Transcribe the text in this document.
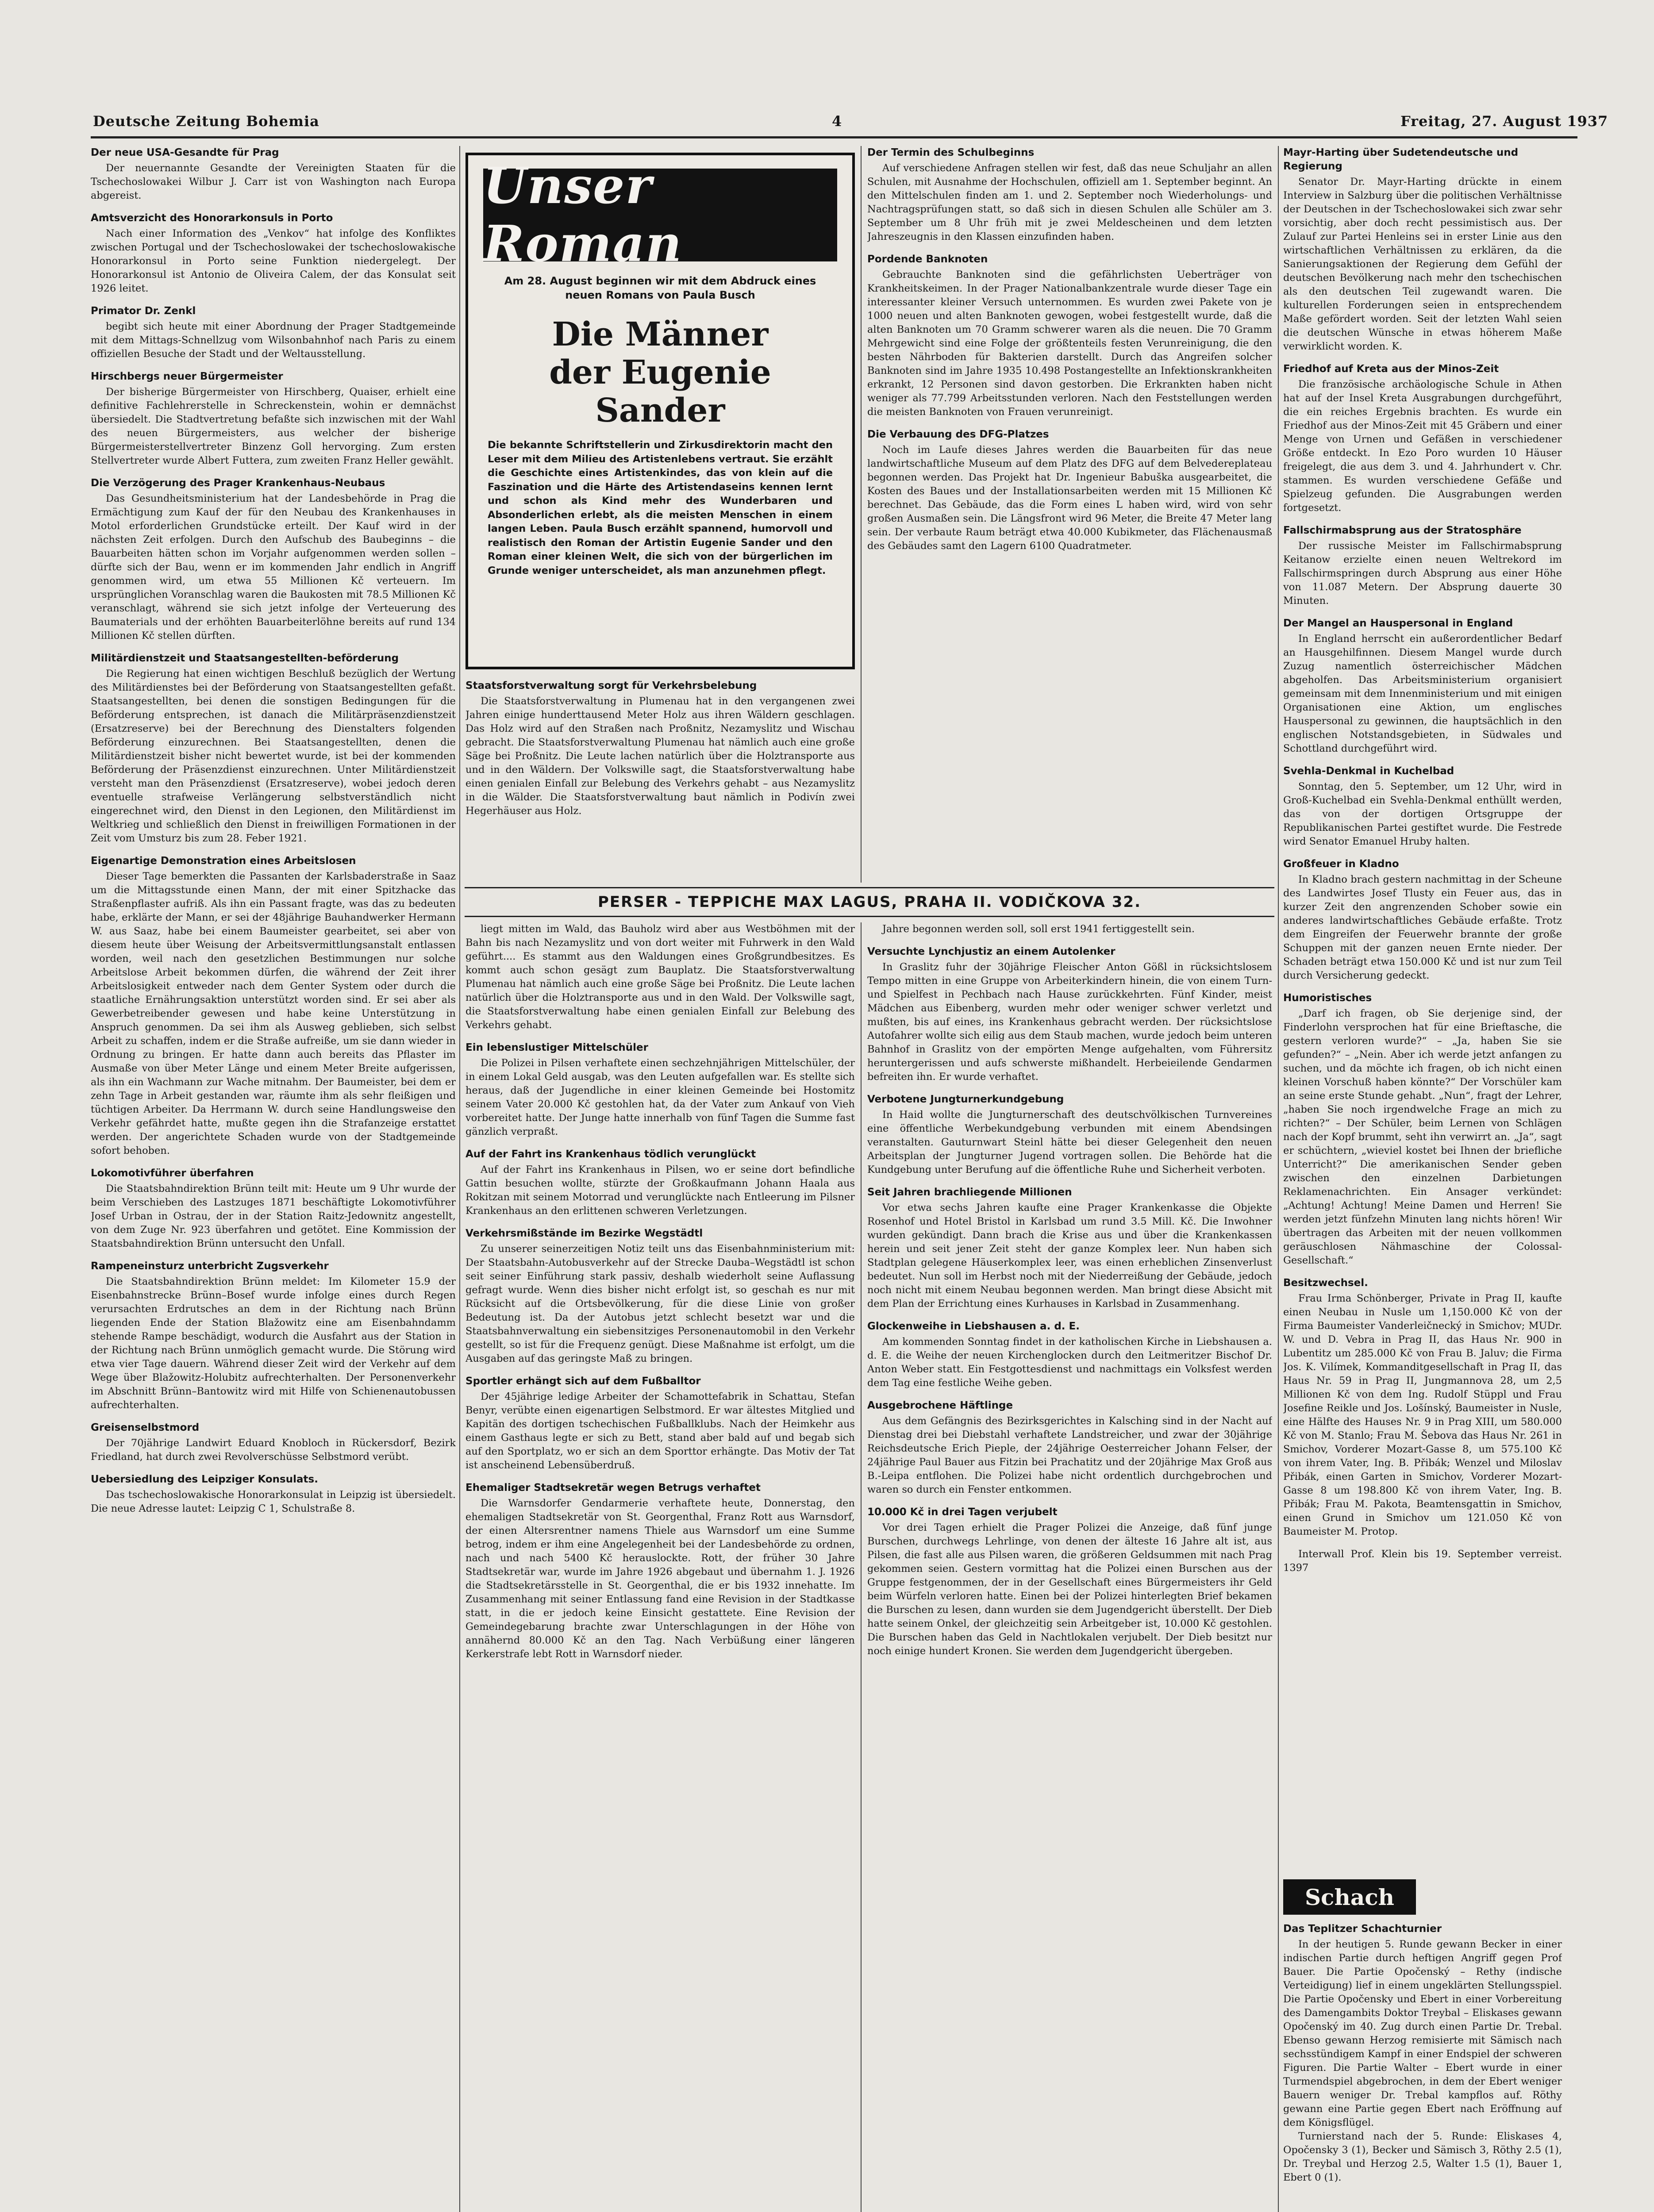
Deutsche Zeitung Bohemia	4	Freitag, 27. August 1937
Der neue USA-Gesandte für Prag

Der neuernannte Gesandte der Vereinigten Staaten für die Tschechoslowakei Wilbur J. Carr ist von Washington nach Europa abgereist.

Amtsverzicht des Honorarkonsuls in Porto

Nach einer Information des „Venkov“ hat infolge des Konfliktes zwischen Portugal und der Tschechoslowakei der tschechoslowakische Honorarkonsul in Porto seine Funktion niedergelegt. Der Honorarkonsul ist Antonio de Oliveira Calem, der das Konsulat seit 1926 leitet.

Primator Dr. Zenkl

begibt sich heute mit einer Abordnung der Prager Stadtgemeinde mit dem Mittags-Schnellzug vom Wilsonbahnhof nach Paris zu einem offiziellen Besuche der Stadt und der Weltausstellung.

Hirschbergs neuer Bürgermeister

Der bisherige Bürgermeister von Hirschberg, Quaiser, erhielt eine definitive Fachlehrerstelle in Schreckenstein, wohin er demnächst übersiedelt. Die Stadtvertretung befaßte sich inzwischen mit der Wahl des neuen Bürgermeisters, aus welcher der bisherige Bürgermeisterstellvertreter Binzenz Goll hervorging. Zum ersten Stellvertreter wurde Albert Futtera, zum zweiten Franz Heller gewählt.

Die Verzögerung des Prager Krankenhaus-Neubaus

Das Gesundheitsministerium hat der Landesbehörde in Prag die Ermächtigung zum Kauf der für den Neubau des Krankenhauses in Motol erforderlichen Grundstücke erteilt. Der Kauf wird in der nächsten Zeit erfolgen. Durch den Aufschub des Baubeginns – die Bauarbeiten hätten schon im Vorjahr aufgenommen werden sollen – dürfte sich der Bau, wenn er im kommenden Jahr endlich in Angriff genommen wird, um etwa 55 Millionen Kč verteuern. Im ursprünglichen Voranschlag waren die Baukosten mit 78.5 Millionen Kč veranschlagt, während sie sich jetzt infolge der Verteuerung des Baumaterials und der erhöhten Bauarbeiterlöhne bereits auf rund 134 Millionen Kč stellen dürften.

Militärdienstzeit und Staatsangestellten-beförderung

Die Regierung hat einen wichtigen Beschluß bezüglich der Wertung des Militärdienstes bei der Beförderung von Staatsangestellten gefaßt. Staatsangestellten, bei denen die sonstigen Bedingungen für die Beförderung entsprechen, ist danach die Militärpräsenzdienstzeit (Ersatzreserve) bei der Berechnung des Dienstalters folgenden Beförderung einzurechnen. Bei Staatsangestellten, denen die Militärdienstzeit bisher nicht bewertet wurde, ist bei der kommenden Beförderung der Präsenzdienst einzurechnen. Unter Militärdienstzeit versteht man den Präsenzdienst (Ersatzreserve), wobei jedoch deren eventuelle strafweise Verlängerung selbstverständlich nicht eingerechnet wird, den Dienst in den Legionen, den Militärdienst im Weltkrieg und schließlich den Dienst in freiwilligen Formationen in der Zeit vom Umsturz bis zum 28. Feber 1921.

Eigenartige Demonstration eines Arbeitslosen

Dieser Tage bemerkten die Passanten der Karlsbaderstraße in Saaz um die Mittagsstunde einen Mann, der mit einer Spitzhacke das Straßenpflaster aufriß. Als ihn ein Passant fragte, was das zu bedeuten habe, erklärte der Mann, er sei der 48jährige Bauhandwerker Hermann W. aus Saaz, habe bei einem Baumeister gearbeitet, sei aber von diesem heute über Weisung der Arbeitsvermittlungsanstalt entlassen worden, weil nach den gesetzlichen Bestimmungen nur solche Arbeitslose Arbeit bekommen dürfen, die während der Zeit ihrer Arbeitslosigkeit entweder nach dem Genter System oder durch die staatliche Ernährungsaktion unterstützt worden sind. Er sei aber als Gewerbetreibender gewesen und habe keine Unterstützung in Anspruch genommen. Da sei ihm als Ausweg geblieben, sich selbst Arbeit zu schaffen, indem er die Straße aufreiße, um sie dann wieder in Ordnung zu bringen. Er hatte dann auch bereits das Pflaster im Ausmaße von über Meter Länge und einem Meter Breite aufgerissen, als ihn ein Wachmann zur Wache mitnahm. Der Baumeister, bei dem er zehn Tage in Arbeit gestanden war, räumte ihm als sehr fleißigen und tüchtigen Arbeiter. Da Herrmann W. durch seine Handlungsweise den Verkehr gefährdet hatte, mußte gegen ihn die Strafanzeige erstattet werden. Der angerichtete Schaden wurde von der Stadtgemeinde sofort behoben.

Lokomotivführer überfahren

Die Staatsbahndirektion Brünn teilt mit: Heute um 9 Uhr wurde der beim Verschieben des Lastzuges 1871 beschäftigte Lokomotivführer Josef Urban in Ostrau, der in der Station Raitz-Jedownitz angestellt, von dem Zuge Nr. 923 überfahren und getötet. Eine Kommission der Staatsbahndirektion Brünn untersucht den Unfall.

Rampeneinsturz unterbricht Zugsverkehr

Die Staatsbahndirektion Brünn meldet: Im Kilometer 15.9 der Eisenbahnstrecke Brünn–Bosef wurde infolge eines durch Regen verursachten Erdrutsches an dem in der Richtung nach Brünn liegenden Ende der Station Blažowitz eine am Eisenbahndamm stehende Rampe beschädigt, wodurch die Ausfahrt aus der Station in der Richtung nach Brünn unmöglich gemacht wurde. Die Störung wird etwa vier Tage dauern. Während dieser Zeit wird der Verkehr auf dem Wege über Blažowitz-Holubitz aufrechterhalten. Der Personenverkehr im Abschnitt Brünn–Bantowitz wird mit Hilfe von Schienenautobussen aufrechterhalten.

Greisenselbstmord

Der 70jährige Landwirt Eduard Knobloch in Rückersdorf, Bezirk Friedland, hat durch zwei Revolverschüsse Selbstmord verübt.

Uebersiedlung des Leipziger Konsulats.

Das tschechoslowakische Honorarkonsulat in Leipzig ist übersiedelt. Die neue Adresse lautet: Leipzig C 1, Schulstraße 8.

Unser Roman
Am 28. August beginnen wir mit dem Abdruck eines neuen Romans von Paula Busch
Die Männer
der Eugenie Sander
Die bekannte Schriftstellerin und Zirkusdirektorin macht den Leser mit dem Milieu des Artistenlebens vertraut. Sie erzählt die Geschichte eines Artistenkindes, das von klein auf die Faszination und die Härte des Artistendaseins kennen lernt und schon als Kind mehr des Wunderbaren und Absonderlichen erlebt, als die meisten Menschen in einem langen Leben. Paula Busch erzählt spannend, humorvoll und realistisch den Roman der Artistin Eugenie Sander und den Roman einer kleinen Welt, die sich von der bürgerlichen im Grunde weniger unterscheidet, als man anzunehmen pflegt.
Staatsforstverwaltung sorgt für Verkehrsbelebung

Die Staatsforstverwaltung in Plumenau hat in den vergangenen zwei Jahren einige hunderttausend Meter Holz aus ihren Wäldern geschlagen. Das Holz wird auf den Straßen nach Proßnitz, Nezamyslitz und Wischau gebracht. Die Staatsforstverwaltung Plumenau hat nämlich auch eine große Säge bei Proßnitz. Die Leute lachen natürlich über die Holztransporte aus und in den Wäldern. Der Volkswille sagt, die Staatsforstverwaltung habe einen genialen Einfall zur Belebung des Verkehrs gehabt – aus Nezamyslitz in die Wälder. Die Staatsforstverwaltung baut nämlich in Podivín zwei Hegerhäuser aus Holz.

Der Termin des Schulbeginns

Auf verschiedene Anfragen stellen wir fest, daß das neue Schuljahr an allen Schulen, mit Ausnahme der Hochschulen, offiziell am 1. September beginnt. An den Mittelschulen finden am 1. und 2. September noch Wiederholungs- und Nachtragsprüfungen statt, so daß sich in diesen Schulen alle Schüler am 3. September um 8 Uhr früh mit je zwei Meldescheinen und dem letzten Jahreszeugnis in den Klassen einzufinden haben.

Pordende Banknoten

Gebrauchte Banknoten sind die gefährlichsten Ueberträger von Krankheitskeimen. In der Prager Nationalbankzentrale wurde dieser Tage ein interessanter kleiner Versuch unternommen. Es wurden zwei Pakete von je 1000 neuen und alten Banknoten gewogen, wobei festgestellt wurde, daß die alten Banknoten um 70 Gramm schwerer waren als die neuen. Die 70 Gramm Mehrgewicht sind eine Folge der größtenteils festen Verunreinigung, die den besten Nährboden für Bakterien darstellt. Durch das Angreifen solcher Banknoten sind im Jahre 1935 10.498 Postangestellte an Infektionskrankheiten erkrankt, 12 Personen sind davon gestorben. Die Erkrankten haben nicht weniger als 77.799 Arbeitsstunden verloren. Nach den Feststellungen werden die meisten Banknoten von Frauen verunreinigt.

Die Verbauung des DFG-Platzes

Noch im Laufe dieses Jahres werden die Bauarbeiten für das neue landwirtschaftliche Museum auf dem Platz des DFG auf dem Belvedereplateau begonnen werden. Das Projekt hat Dr. Ingenieur Babuška ausgearbeitet, die Kosten des Baues und der Installationsarbeiten werden mit 15 Millionen Kč berechnet. Das Gebäude, das die Form eines L haben wird, wird von sehr großen Ausmaßen sein. Die Längsfront wird 96 Meter, die Breite 47 Meter lang sein. Der verbaute Raum beträgt etwa 40.000 Kubikmeter, das Flächenausmaß des Gebäudes samt den Lagern 6100 Quadratmeter.

PERSER - TEPPICHE MAX LAGUS, PRAHA II. VODIČKOVA 32.

liegt mitten im Wald, das Bauholz wird aber aus Westböhmen mit der Bahn bis nach Nezamyslitz und von dort weiter mit Fuhrwerk in den Wald geführt.... Es stammt aus den Waldungen eines Großgrundbesitzes. Es kommt auch schon gesägt zum Bauplatz. Die Staatsforstverwaltung Plumenau hat nämlich auch eine große Säge bei Proßnitz. Die Leute lachen natürlich über die Holztransporte aus und in den Wald. Der Volkswille sagt, die Staatsforstverwaltung habe einen genialen Einfall zur Belebung des Verkehrs gehabt.

Ein lebenslustiger Mittelschüler

Die Polizei in Pilsen verhaftete einen sechzehnjährigen Mittelschüler, der in einem Lokal Geld ausgab, was den Leuten aufgefallen war. Es stellte sich heraus, daß der Jugendliche in einer kleinen Gemeinde bei Hostomitz seinem Vater 20.000 Kč gestohlen hat, da der Vater zum Ankauf von Vieh vorbereitet hatte. Der Junge hatte innerhalb von fünf Tagen die Summe fast gänzlich verpraßt.

Auf der Fahrt ins Krankenhaus tödlich verunglückt

Auf der Fahrt ins Krankenhaus in Pilsen, wo er seine dort befindliche Gattin besuchen wollte, stürzte der Großkaufmann Johann Haala aus Rokitzan mit seinem Motorrad und verunglückte nach Entleerung im Pilsner Krankenhaus an den erlittenen schweren Verletzungen.

Verkehrsmißstände im Bezirke Wegstädtl

Zu unserer seinerzeitigen Notiz teilt uns das Eisenbahnministerium mit: Der Staatsbahn-Autobusverkehr auf der Strecke Dauba–Wegstädtl ist schon seit seiner Einführung stark passiv, deshalb wiederholt seine Auflassung gefragt wurde. Wenn dies bisher nicht erfolgt ist, so geschah es nur mit Rücksicht auf die Ortsbevölkerung, für die diese Linie von großer Bedeutung ist. Da der Autobus jetzt schlecht besetzt war und die Staatsbahnverwaltung ein siebensitziges Personenautomobil in den Verkehr gestellt, so ist für die Frequenz genügt. Diese Maßnahme ist erfolgt, um die Ausgaben auf das geringste Maß zu bringen.

Sportler erhängt sich auf dem Fußballtor

Der 45jährige ledige Arbeiter der Schamottefabrik in Schattau, Stefan Benyr, verübte einen eigenartigen Selbstmord. Er war ältestes Mitglied und Kapitän des dortigen tschechischen Fußballklubs. Nach der Heimkehr aus einem Gasthaus legte er sich zu Bett, stand aber bald auf und begab sich auf den Sportplatz, wo er sich an dem Sporttor erhängte. Das Motiv der Tat ist anscheinend Lebensüberdruß.

Ehemaliger Stadtsekretär wegen Betrugs verhaftet

Die Warnsdorfer Gendarmerie verhaftete heute, Donnerstag, den ehemaligen Stadtsekretär von St. Georgenthal, Franz Rott aus Warnsdorf, der einen Altersrentner namens Thiele aus Warnsdorf um eine Summe betrog, indem er ihm eine Angelegenheit bei der Landesbehörde zu ordnen, nach und nach 5400 Kč herauslockte. Rott, der früher 30 Jahre Stadtsekretär war, wurde im Jahre 1926 abgebaut und übernahm 1. J. 1926 die Stadtsekretärsstelle in St. Georgenthal, die er bis 1932 innehatte. Im Zusammenhang mit seiner Entlassung fand eine Revision in der Stadtkasse statt, in die er jedoch keine Einsicht gestattete. Eine Revision der Gemeindegebarung brachte zwar Unterschlagungen in der Höhe von annähernd 80.000 Kč an den Tag. Nach Verbüßung einer längeren Kerkerstrafe lebt Rott in Warnsdorf nieder.

Jahre begonnen werden soll, soll erst 1941 fertiggestellt sein.

Versuchte Lynchjustiz an einem Autolenker

In Graslitz fuhr der 30jährige Fleischer Anton Gößl in rücksichtslosem Tempo mitten in eine Gruppe von Arbeiterkindern hinein, die von einem Turn- und Spielfest in Pechbach nach Hause zurückkehrten. Fünf Kinder, meist Mädchen aus Eibenberg, wurden mehr oder weniger schwer verletzt und mußten, bis auf eines, ins Krankenhaus gebracht werden. Der rücksichtslose Autofahrer wollte sich eilig aus dem Staub machen, wurde jedoch beim unteren Bahnhof in Graslitz von der empörten Menge aufgehalten, vom Führersitz heruntergerissen und aufs schwerste mißhandelt. Herbeieilende Gendarmen befreiten ihn. Er wurde verhaftet.

Verbotene Jungturnerkundgebung

In Haid wollte die Jungturnerschaft des deutschvölkischen Turnvereines eine öffentliche Werbekundgebung verbunden mit einem Abendsingen veranstalten. Gauturnwart Steinl hätte bei dieser Gelegenheit den neuen Arbeitsplan der Jungturner Jugend vortragen sollen. Die Behörde hat die Kundgebung unter Berufung auf die öffentliche Ruhe und Sicherheit verboten.

Seit Jahren brachliegende Millionen

Vor etwa sechs Jahren kaufte eine Prager Krankenkasse die Objekte Rosenhof und Hotel Bristol in Karlsbad um rund 3.5 Mill. Kč. Die Inwohner wurden gekündigt. Dann brach die Krise aus und über die Krankenkassen herein und seit jener Zeit steht der ganze Komplex leer. Nun haben sich Stadtplan gelegene Häuserkomplex leer, was einen erheblichen Zinsenverlust bedeutet. Nun soll im Herbst noch mit der Niederreißung der Gebäude, jedoch noch nicht mit einem Neubau begonnen werden. Man bringt diese Absicht mit dem Plan der Errichtung eines Kurhauses in Karlsbad in Zusammenhang.

Glockenweihe in Liebshausen a. d. E.

Am kommenden Sonntag findet in der katholischen Kirche in Liebshausen a. d. E. die Weihe der neuen Kirchenglocken durch den Leitmeritzer Bischof Dr. Anton Weber statt. Ein Festgottesdienst und nachmittags ein Volksfest werden dem Tag eine festliche Weihe geben.

Ausgebrochene Häftlinge

Aus dem Gefängnis des Bezirksgerichtes in Kalsching sind in der Nacht auf Dienstag drei bei Diebstahl verhaftete Landstreicher, und zwar der 30jährige Reichsdeutsche Erich Pieple, der 24jährige Oesterreicher Johann Felser, der 24jährige Paul Bauer aus Fitzin bei Prachatitz und der 20jährige Max Groß aus B.-Leipa entflohen. Die Polizei habe nicht ordentlich durchgebrochen und waren so durch ein Fenster entkommen.

10.000 Kč in drei Tagen verjubelt

Vor drei Tagen erhielt die Prager Polizei die Anzeige, daß fünf junge Burschen, durchwegs Lehrlinge, von denen der älteste 16 Jahre alt ist, aus Pilsen, die fast alle aus Pilsen waren, die größeren Geldsummen mit nach Prag gekommen seien. Gestern vormittag hat die Polizei einen Burschen aus der Gruppe festgenommen, der in der Gesellschaft eines Bürgermeisters ihr Geld beim Würfeln verloren hatte. Einen bei der Polizei hinterlegten Brief bekamen die Burschen zu lesen, dann wurden sie dem Jugendgericht überstellt. Der Dieb hatte seinem Onkel, der gleichzeitig sein Arbeitgeber ist, 10.000 Kč gestohlen. Die Burschen haben das Geld in Nachtlokalen verjubelt. Der Dieb besitzt nur noch einige hundert Kronen. Sie werden dem Jugendgericht übergeben.

Mayr-Harting über Sudetendeutsche und Regierung

Senator Dr. Mayr-Harting drückte in einem Interview in Salzburg über die politischen Verhältnisse der Deutschen in der Tschechoslowakei sich zwar sehr vorsichtig, aber doch recht pessimistisch aus. Der Zulauf zur Partei Henleins sei in erster Linie aus den wirtschaftlichen Verhältnissen zu erklären, da die Sanierungsaktionen der Regierung dem Gefühl der deutschen Bevölkerung nach mehr den tschechischen als den deutschen Teil zugewandt waren. Die kulturellen Forderungen seien in entsprechendem Maße gefördert worden. Seit der letzten Wahl seien die deutschen Wünsche in etwas höherem Maße verwirklicht worden. K.

Friedhof auf Kreta aus der Minos-Zeit

Die französische archäologische Schule in Athen hat auf der Insel Kreta Ausgrabungen durchgeführt, die ein reiches Ergebnis brachten. Es wurde ein Friedhof aus der Minos-Zeit mit 45 Gräbern und einer Menge von Urnen und Gefäßen in verschiedener Größe entdeckt. In Ezo Poro wurden 10 Häuser freigelegt, die aus dem 3. und 4. Jahrhundert v. Chr. stammen. Es wurden verschiedene Gefäße und Spielzeug gefunden. Die Ausgrabungen werden fortgesetzt.

Fallschirmabsprung aus der Stratosphäre

Der russische Meister im Fallschirmabsprung Keitanow erzielte einen neuen Weltrekord im Fallschirmspringen durch Absprung aus einer Höhe von 11.087 Metern. Der Absprung dauerte 30 Minuten.

Der Mangel an Hauspersonal in England

In England herrscht ein außerordentlicher Bedarf an Hausgehilfinnen. Diesem Mangel wurde durch Zuzug namentlich österreichischer Mädchen abgeholfen. Das Arbeitsministerium organisiert gemeinsam mit dem Innenministerium und mit einigen Organisationen eine Aktion, um englisches Hauspersonal zu gewinnen, die hauptsächlich in den englischen Notstandsgebieten, in Südwales und Schottland durchgeführt wird.

Svehla-Denkmal in Kuchelbad

Sonntag, den 5. September, um 12 Uhr, wird in Groß-Kuchelbad ein Svehla-Denkmal enthüllt werden, das von der dortigen Ortsgruppe der Republikanischen Partei gestiftet wurde. Die Festrede wird Senator Emanuel Hruby halten.

Großfeuer in Kladno

In Kladno brach gestern nachmittag in der Scheune des Landwirtes Josef Tlusty ein Feuer aus, das in kurzer Zeit den angrenzenden Schober sowie ein anderes landwirtschaftliches Gebäude erfaßte. Trotz dem Eingreifen der Feuerwehr brannte der große Schuppen mit der ganzen neuen Ernte nieder. Der Schaden beträgt etwa 150.000 Kč und ist nur zum Teil durch Versicherung gedeckt.

Humoristisches

„Darf ich fragen, ob Sie derjenige sind, der Finderlohn versprochen hat für eine Brieftasche, die gestern verloren wurde?“ – „Ja, haben Sie sie gefunden?“ – „Nein. Aber ich werde jetzt anfangen zu suchen, und da möchte ich fragen, ob ich nicht einen kleinen Vorschuß haben könnte?“ Der Vorschüler kam an seine erste Stunde gehabt. „Nun“, fragt der Lehrer, „haben Sie noch irgendwelche Frage an mich zu richten?“ – Der Schüler, beim Lernen von Schlägen nach der Kopf brummt, seht ihn verwirrt an. „Ja“, sagt er schüchtern, „wieviel kostet bei Ihnen der briefliche Unterricht?“ Die amerikanischen Sender geben zwischen den einzelnen Darbietungen Reklamenachrichten. Ein Ansager verkündet: „Achtung! Achtung! Meine Damen und Herren! Sie werden jetzt fünfzehn Minuten lang nichts hören! Wir übertragen das Arbeiten mit der neuen vollkommen geräuschlosen Nähmaschine der Colossal-Gesellschaft.“

Besitzwechsel.

Frau Irma Schönberger, Private in Prag II, kaufte einen Neubau in Nusle um 1,150.000 Kč von der Firma Baumeister Vanderleičnecký in Smichov; MUDr. W. und D. Vebra in Prag II, das Haus Nr. 900 in Lubentitz um 285.000 Kč von Frau B. Jaluv; die Firma Jos. K. Vilímek, Kommanditgesellschaft in Prag II, das Haus Nr. 59 in Prag II, Jungmannova 28, um 2,5 Millionen Kč von dem Ing. Rudolf Stüppl und Frau Josefine Reikle und Jos. Lošínský, Baumeister in Nusle, eine Hälfte des Hauses Nr. 9 in Prag XIII, um 580.000 Kč von M. Stanlo; Frau M. Šebova das Haus Nr. 261 in Smichov, Vorderer Mozart-Gasse 8, um 575.100 Kč von ihrem Vater, Ing. B. Přibák; Wenzel und Miloslav Přibák, einen Garten in Smichov, Vorderer Mozart-Gasse 8 um 198.800 Kč von ihrem Vater, Ing. B. Přibák; Frau M. Pakota, Beamtensgattin in Smichov, einen Grund in Smichov um 121.050 Kč von Baumeister M. Protop.

Interwall Prof. Klein bis 19. September verreist. 1397

Schach
Das Teplitzer Schachturnier

In der heutigen 5. Runde gewann Becker in einer indischen Partie durch heftigen Angriff gegen Prof Bauer. Die Partie Opočenský – Rethy (indische Verteidigung) lief in einem ungeklärten Stellungsspiel. Die Partie Opočensky und Ebert in einer Vorbereitung des Damengambits Doktor Treybal – Eliskases gewann Opočenský im 40. Zug durch einen Partie Dr. Trebal. Ebenso gewann Herzog remisierte mit Sämisch nach sechsstündigem Kampf in einer Endspiel der schweren Figuren. Die Partie Walter – Ebert wurde in einer Turmendspiel abgebrochen, in dem der Ebert weniger Bauern weniger Dr. Trebal kampflos auf. Röthy gewann eine Partie gegen Ebert nach Eröffnung auf dem Königsflügel.

Turnierstand nach der 5. Runde: Eliskases 4, Opočensky 3 (1), Becker und Sämisch 3, Röthy 2.5 (1), Dr. Treybal und Herzog 2.5, Walter 1.5 (1), Bauer 1, Ebert 0 (1).
